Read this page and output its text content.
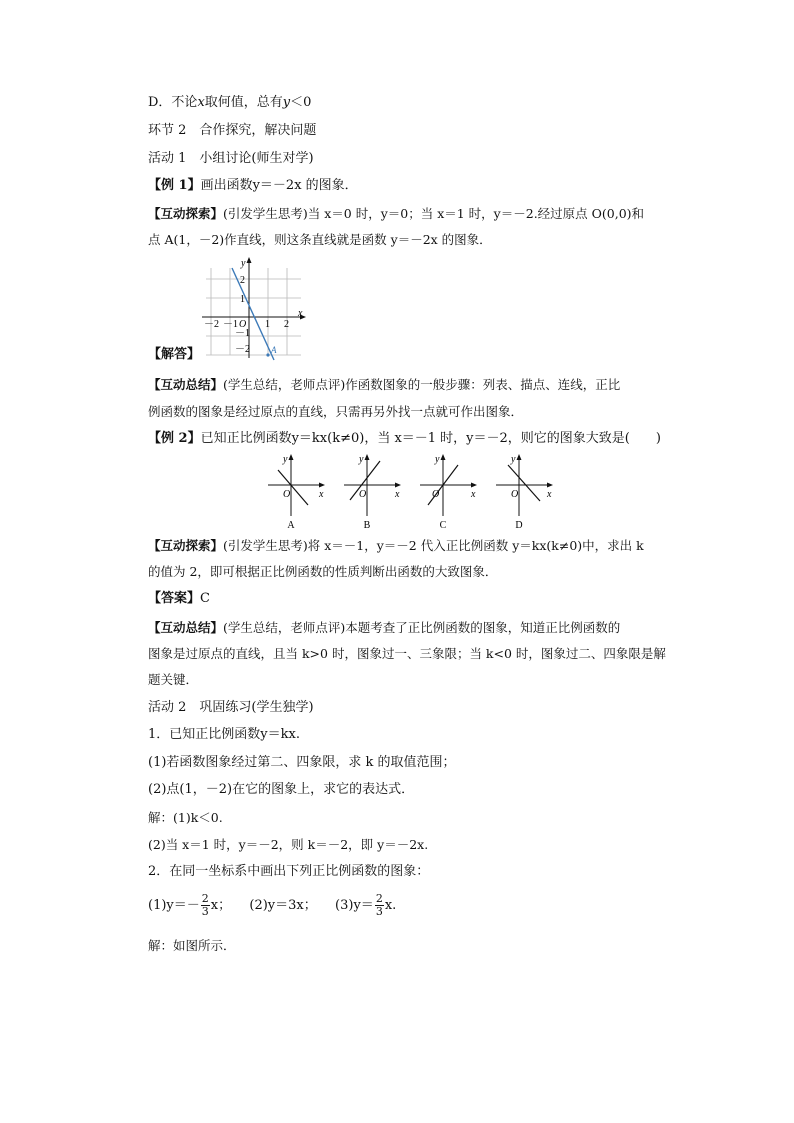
D．不论x取何值，总有y＜0

环节 2　合作探究，解决问题

活动 1　小组讨论(师生对学)

【例 1】画出函数y＝－2x 的图象．

【互动探索】(引发学生思考)当 x＝0 时，y＝0；当 x＝1 时，y＝－2.经过原点 O(0,0)和

点 A(1，－2)作直线，则这条直线就是函数 y＝－2x 的图象．

y
x
O
－2 －1	1 2
2
1
－1
－2 A

【解答】

【互动总结】(学生总结，老师点评)作函数图象的一般步骤：列表、描点、连线，正比

例函数的图象是经过原点的直线，只需再另外找一点就可作出图象．

【例 2】已知正比例函数y＝kx(k≠0)，当 x＝－1 时，y＝－2，则它的图象大致是(　　)

y
x
O
A
y
x
O
B
y
x
O
C
y
x
O
D

【互动探索】(引发学生思考)将 x＝－1，y＝－2 代入正比例函数 y＝kx(k≠0)中，求出 k

的值为 2，即可根据正比例函数的性质判断出函数的大致图象．

【答案】C

【互动总结】(学生总结，老师点评)本题考查了正比例函数的图象，知道正比例函数的

图象是过原点的直线，且当 k>0 时，图象过一、三象限；当 k<0 时，图象过二、四象限是解

题关键．

活动 2　巩固练习(学生独学)

1．已知正比例函数y＝kx.

(1)若函数图象经过第二、四象限，求 k 的取值范围；

(2)点(1，－2)在它的图象上，求它的表达式．

解：(1)k＜0.

(2)当 x＝1 时，y＝－2，则 k＝－2，即 y＝－2x.

2．在同一坐标系中画出下列正比例函数的图象：

$(1)y=- \frac{2}{3}$ x； (2)y＝3x； $(3)y= \frac{2}{3} x$.

解：如图所示．
